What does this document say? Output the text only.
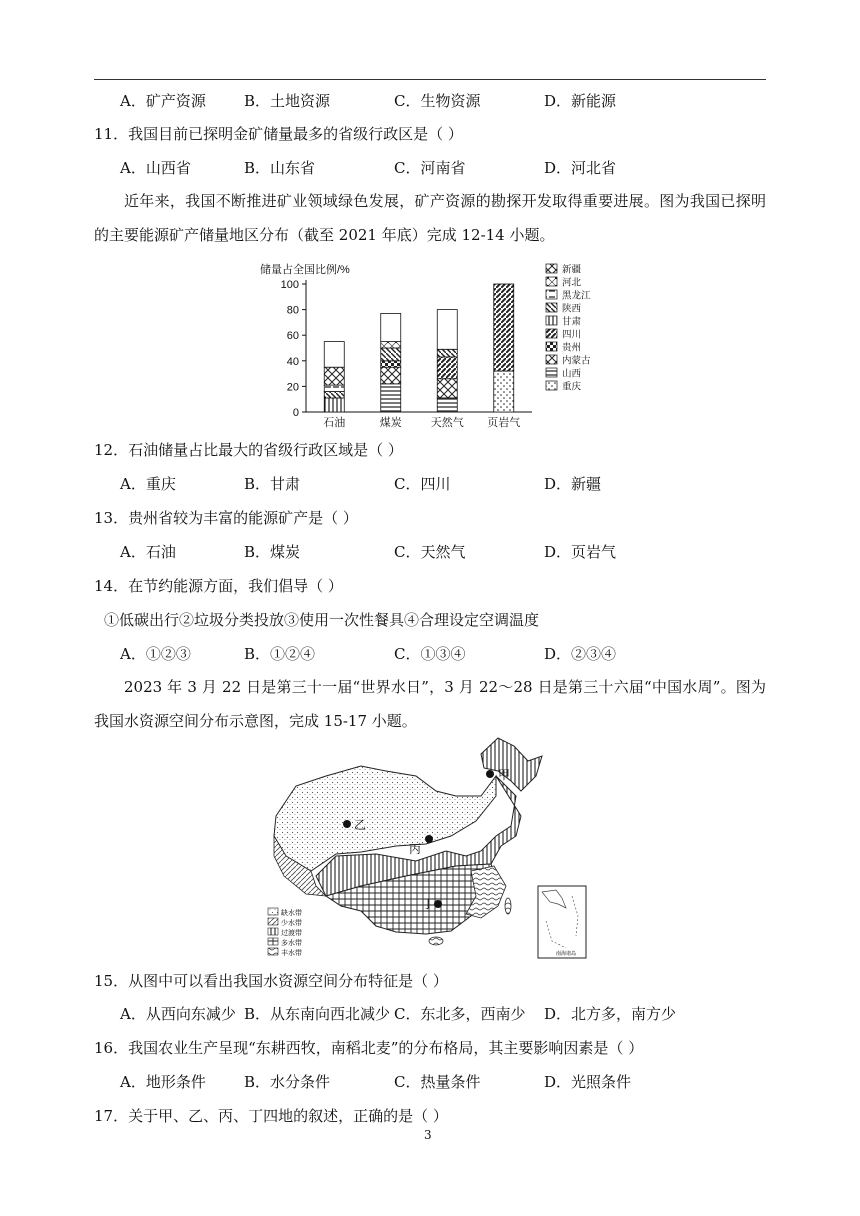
A．矿产资源	B．土地资源	C．生物资源	D．新能源
11．我国目前已探明金矿储量最多的省级行政区是（ ）
A．山西省	B．山东省	C．河南省	D．河北省
近年来，我国不断推进矿业领域绿色发展，矿产资源的勘探开发取得重要进展。图为我国已探明的主要能源矿产储量地区分布（截至 2021 年底）完成 12-14 小题。
储量占全国比例/%
0
20
40
60
80
100
石油	煤炭	天然气 页岩气
新疆
河北
黑龙江
陕西
甘肃
四川
贵州
内蒙古
山西
重庆
12．石油储量占比最大的省级行政区域是（ ）
A．重庆	B．甘肃	C．四川	D．新疆
13．贵州省较为丰富的能源矿产是（ ）
A．石油	B．煤炭	C．天然气	D．页岩气
14．在节约能源方面，我们倡导（ ）
①低碳出行②垃圾分类投放③使用一次性餐具④合理设定空调温度
A．①②③	B．①②④	C．①③④	D．②③④
2023 年 3 月 22 日是第三十一届“世界水日”，3 月 22～28 日是第三十六届“中国水周”。图为我国水资源空间分布示意图，完成 15-17 小题。
甲
乙
丙
丁
缺水带
少水带
过渡带
多水带
丰水带	南海诸岛
15．从图中可以看出我国水资源空间分布特征是（ ）
A．从西向东减少 B．从东南向西北减少 C．东北多，西南少 D．北方多，南方少
16．我国农业生产呈现“东耕西牧，南稻北麦”的分布格局，其主要影响因素是（ ）
A．地形条件	B．水分条件	C．热量条件	D．光照条件
17．关于甲、乙、丙、丁四地的叙述，正确的是（ ）
3
